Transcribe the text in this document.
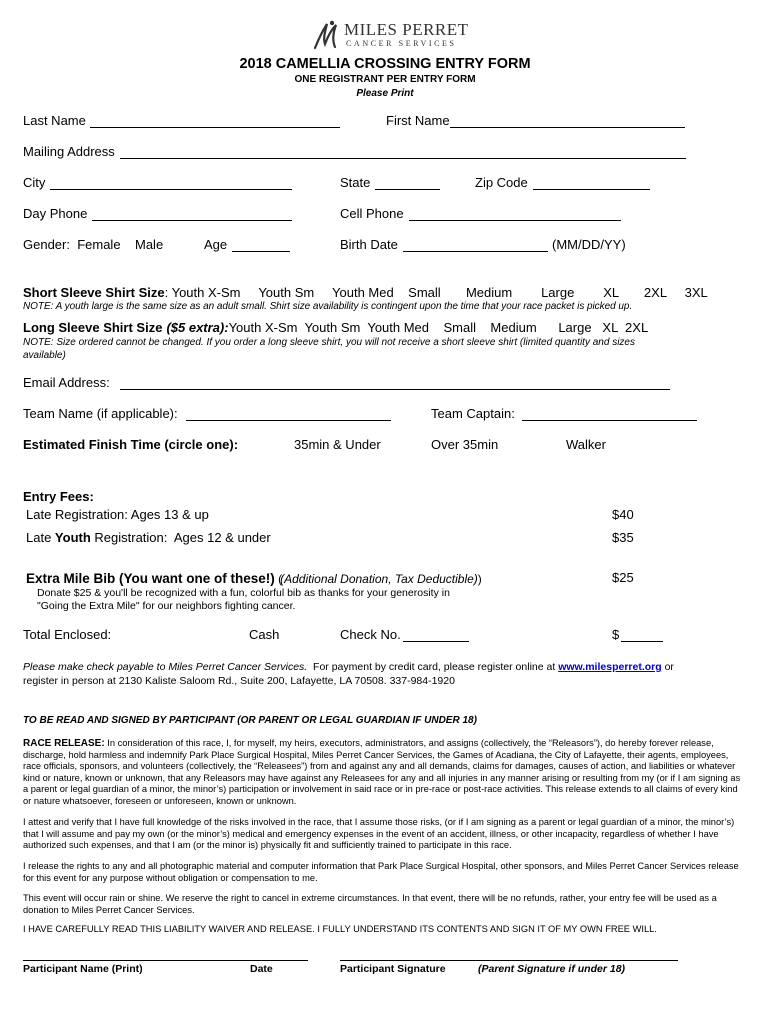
MILES PERRET
CANCER SERVICES
2018 CAMELLIA CROSSING ENTRY FORM
ONE REGISTRANT PER ENTRY FORM
Please Print
Last Name	First Name
Mailing Address
City	State	Zip Code
Day Phone	Cell Phone
Gender:  Female    Male	Age	Birth Date	(MM/DD/YY)
Short Sleeve Shirt Size: Youth X-Sm     Youth Sm     Youth Med    Small       Medium        Large        XL       2XL     3XL
NOTE: A youth large is the same size as an adult small. Shirt size availability is contingent upon the time that your race packet is picked up.
Long Sleeve Shirt Size ($5 extra):Youth X-Sm  Youth Sm  Youth Med    Small    Medium      Large   XL  2XL
NOTE: Size ordered cannot be changed. If you order a long sleeve shirt, you will not receive a short sleeve shirt (limited quantity and sizes
available)
Email Address:
Team Name (if applicable):	Team Captain:
Estimated Finish Time (circle one):	35min & Under	Over 35min	Walker
Entry Fees:
Late Registration: Ages 13 & up	$40
Late Youth Registration:  Ages 12 & under	$35
Extra Mile Bib (You want one of these!) ((Additional Donation, Tax Deductible))	$25
Donate $25 & you'll be recognized with a fun, colorful bib as thanks for your generosity in
"Going the Extra Mile" for our neighbors fighting cancer.
Total Enclosed:	Cash	Check No.	$
Please make check payable to Miles Perret Cancer Services.  For payment by credit card, please register online at www.milesperret.org or
register in person at 2130 Kaliste Saloom Rd., Suite 200, Lafayette, LA 70508. 337-984-1920
TO BE READ AND SIGNED BY PARTICIPANT (OR PARENT OR LEGAL GUARDIAN IF UNDER 18)
RACE RELEASE: In consideration of this race, I, for myself, my heirs, executors, administrators, and assigns (collectively, the “Releasors”), do hereby forever release, discharge, hold harmless and indemnify Park Place Surgical Hospital, Miles Perret Cancer Services, the Games of Acadiana, the City of Lafayette, their agents, employees, race officials, sponsors, and volunteers (collectively, the “Releasees”) from and against any and all demands, claims for damages, causes of action, and liabilities or whatever kind or nature, known or unknown, that any Releasors may have against any Releasees for any and all injuries in any manner arising or resulting from my (or if I am signing as a parent or legal guardian of a minor, the minor’s) participation or involvement in said race or in pre-race or post-race activities. This release extends to all claims of every kind or nature whatsoever, foreseen or unforeseen, known or unknown.
I attest and verify that I have full knowledge of the risks involved in the race, that I assume those risks, (or if I am signing as a parent or legal guardian of a minor, the minor’s) that I will assume and pay my own (or the minor’s) medical and emergency expenses in the event of an accident, illness, or other incapacity, regardless of whether I have authorized such expenses, and that I am (or the minor is) physically fit and sufficiently trained to participate in this race.
I release the rights to any and all photographic material and computer information that Park Place Surgical Hospital, other sponsors, and Miles Perret Cancer Services release for this event for any purpose without obligation or compensation to me.
This event will occur rain or shine. We reserve the right to cancel in extreme circumstances. In that event, there will be no refunds, rather, your entry fee will be used as a donation to Miles Perret Cancer Services.
I HAVE CAREFULLY READ THIS LIABILITY WAIVER AND RELEASE. I FULLY UNDERSTAND ITS CONTENTS AND SIGN IT OF MY OWN FREE WILL.
Participant Name (Print)	Date	Participant Signature	(Parent Signature if under 18)
